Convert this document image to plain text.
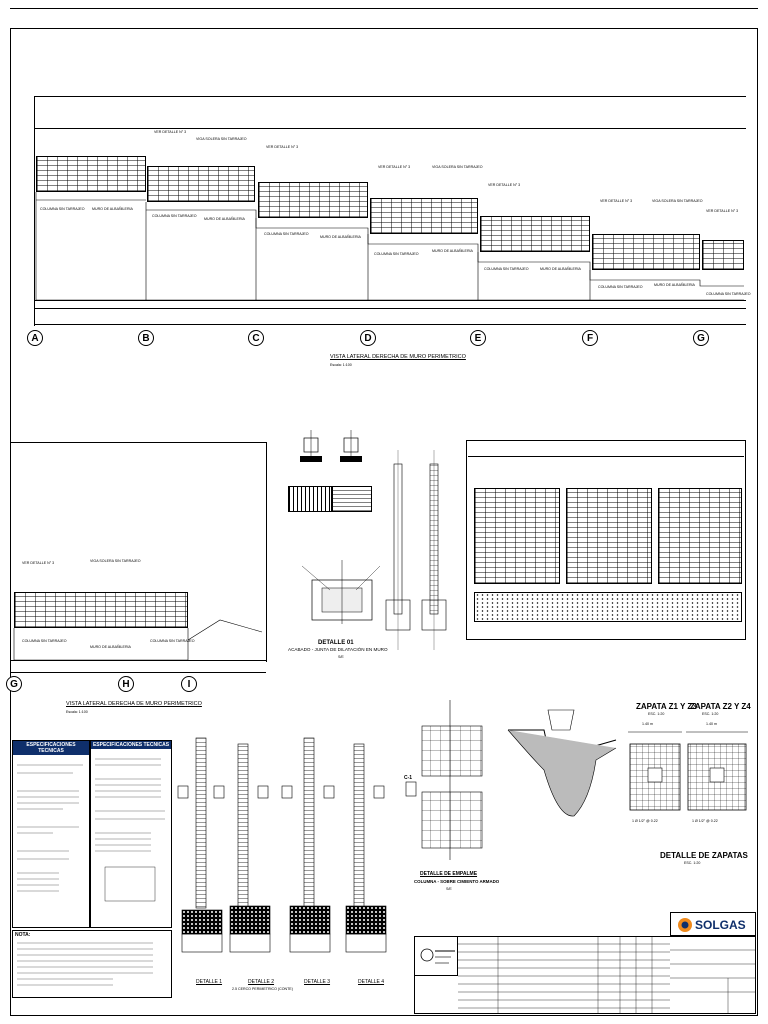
A	B	C	D	E	F	G
VER DETALLE N° 3
VIGA SOLERA SIN TARRAJEO
COLUMNA SIN TARRAJEO MURO DE ALBAÑILERIA
VER DETALLE N° 3
COLUMNA SIN TARRAJEO
MURO DE ALBAÑILERIA
COLUMNA SIN TARRAJEO
MURO DE ALBAÑILERIA
VER DETALLE N° 3	VIGA SOLERA SIN TARRAJEO
COLUMNA SIN TARRAJEO
MURO DE ALBAÑILERIA
VER DETALLE N° 3
COLUMNA SIN TARRAJEO	MURO DE ALBAÑILERIA
VER DETALLE N° 3	VIGA SOLERA SIN TARRAJEO
COLUMNA SIN TARRAJEO	MURO DE ALBAÑILERIA
VER DETALLE N° 3
COLUMNA SIN TARRAJEO
VISTA LATERAL DERECHA DE MURO PERIMETRICO
Escala: 1:100
G	H	I
VER DETALLE N° 3	VIGA SOLERA SIN TARRAJEO
COLUMNA SIN TARRAJEO
MURO DE ALBAÑILERIA
COLUMNA SIN TARRAJEO
VISTA LATERAL DERECHA DE MURO PERIMETRICO
Escala: 1:100
DETALLE 01
ACABADO - JUNTA DE DILATACIÓN EN MURO
S/E
ESPECIFICACIONES TECNICAS
ESPECIFICACIONES TECNICAS
NOTA:
DETALLE 1	DETALLE 2
2.5 CERCO PERIMETRICO (CONTE)
DETALLE 3	DETALLE 4
C-1
DETALLE DE EMPALME
COLUMNA - SOBRE CIMIENTO ARMADO
S/E
ZAPATA Z1 Y Z3
ESC. 1:20
ZAPATA Z2 Y Z4
ESC. 1:20
1.40 m	1.40 m
1 Ø 1/2" @ 0.22	1 Ø 1/2" @ 0.22
DETALLE DE ZAPATAS
ESC. 1:20
SOLGAS
